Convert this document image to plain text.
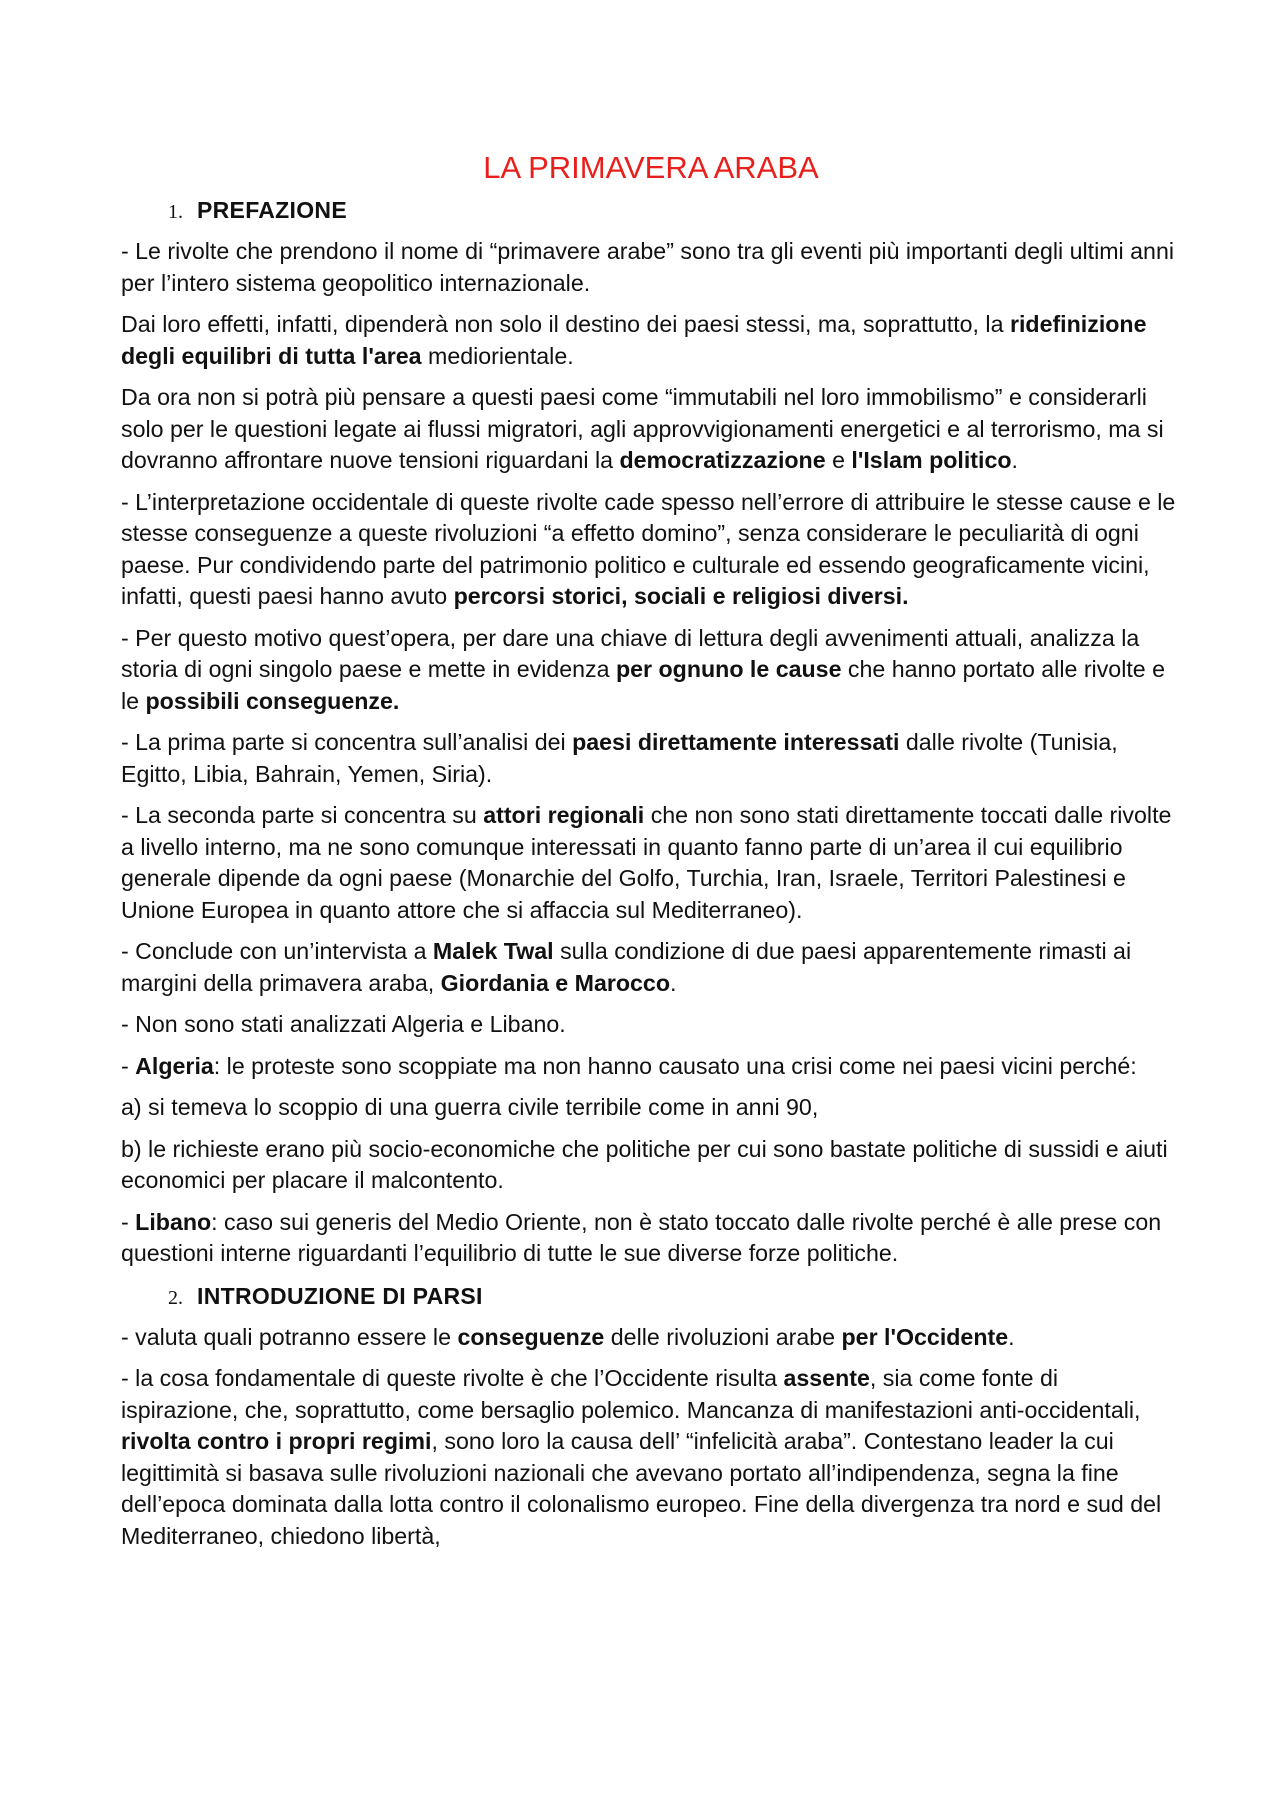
LA PRIMAVERA ARABA
1. PREFAZIONE

- Le rivolte che prendono il nome di “primavere arabe” sono tra gli eventi più importanti degli ultimi anni per l’intero sistema geopolitico internazionale.

Dai loro effetti, infatti, dipenderà non solo il destino dei paesi stessi, ma, soprattutto, la ridefinizione degli equilibri di tutta l'area mediorientale.

Da ora non si potrà più pensare a questi paesi come “immutabili nel loro immobilismo” e considerarli solo per le questioni legate ai flussi migratori, agli approvvigionamenti energetici e al terrorismo, ma si dovranno affrontare nuove tensioni riguardani la democratizzazione e l'Islam politico.

- L’interpretazione occidentale di queste rivolte cade spesso nell’errore di attribuire le stesse cause e le stesse conseguenze a queste rivoluzioni “a effetto domino”, senza considerare le peculiarità di ogni paese. Pur condividendo parte del patrimonio politico e culturale ed essendo geograficamente vicini, infatti, questi paesi hanno avuto percorsi storici, sociali e religiosi diversi.

- Per questo motivo quest’opera, per dare una chiave di lettura degli avvenimenti attuali, analizza la storia di ogni singolo paese e mette in evidenza per ognuno le cause che hanno portato alle rivolte e le possibili conseguenze.

- La prima parte si concentra sull’analisi dei paesi direttamente interessati dalle rivolte (Tunisia, Egitto, Libia, Bahrain, Yemen, Siria).

- La seconda parte si concentra su attori regionali che non sono stati direttamente toccati dalle rivolte a livello interno, ma ne sono comunque interessati in quanto fanno parte di un’area il cui equilibrio generale dipende da ogni paese (Monarchie del Golfo, Turchia, Iran, Israele, Territori Palestinesi e Unione Europea in quanto attore che si affaccia sul Mediterraneo).

- Conclude con un’intervista a Malek Twal sulla condizione di due paesi apparentemente rimasti ai margini della primavera araba, Giordania e Marocco.

- Non sono stati analizzati Algeria e Libano.

- Algeria: le proteste sono scoppiate ma non hanno causato una crisi come nei paesi vicini perché:

a) si temeva lo scoppio di una guerra civile terribile come in anni 90,

b) le richieste erano più socio-economiche che politiche per cui sono bastate politiche di sussidi e aiuti economici per placare il malcontento.

- Libano: caso sui generis del Medio Oriente, non è stato toccato dalle rivolte perché è alle prese con questioni interne riguardanti l’equilibrio di tutte le sue diverse forze politiche.

2. INTRODUZIONE DI PARSI

- valuta quali potranno essere le conseguenze delle rivoluzioni arabe per l'Occidente.

- la cosa fondamentale di queste rivolte è che l’Occidente risulta assente, sia come fonte di ispirazione, che, soprattutto, come bersaglio polemico. Mancanza di manifestazioni anti-occidentali, rivolta contro i propri regimi, sono loro la causa dell’ “infelicità araba”. Contestano leader la cui legittimità si basava sulle rivoluzioni nazionali che avevano portato all’indipendenza, segna la fine dell’epoca dominata dalla lotta contro il colonalismo europeo. Fine della divergenza tra nord e sud del Mediterraneo, chiedono libertà,
